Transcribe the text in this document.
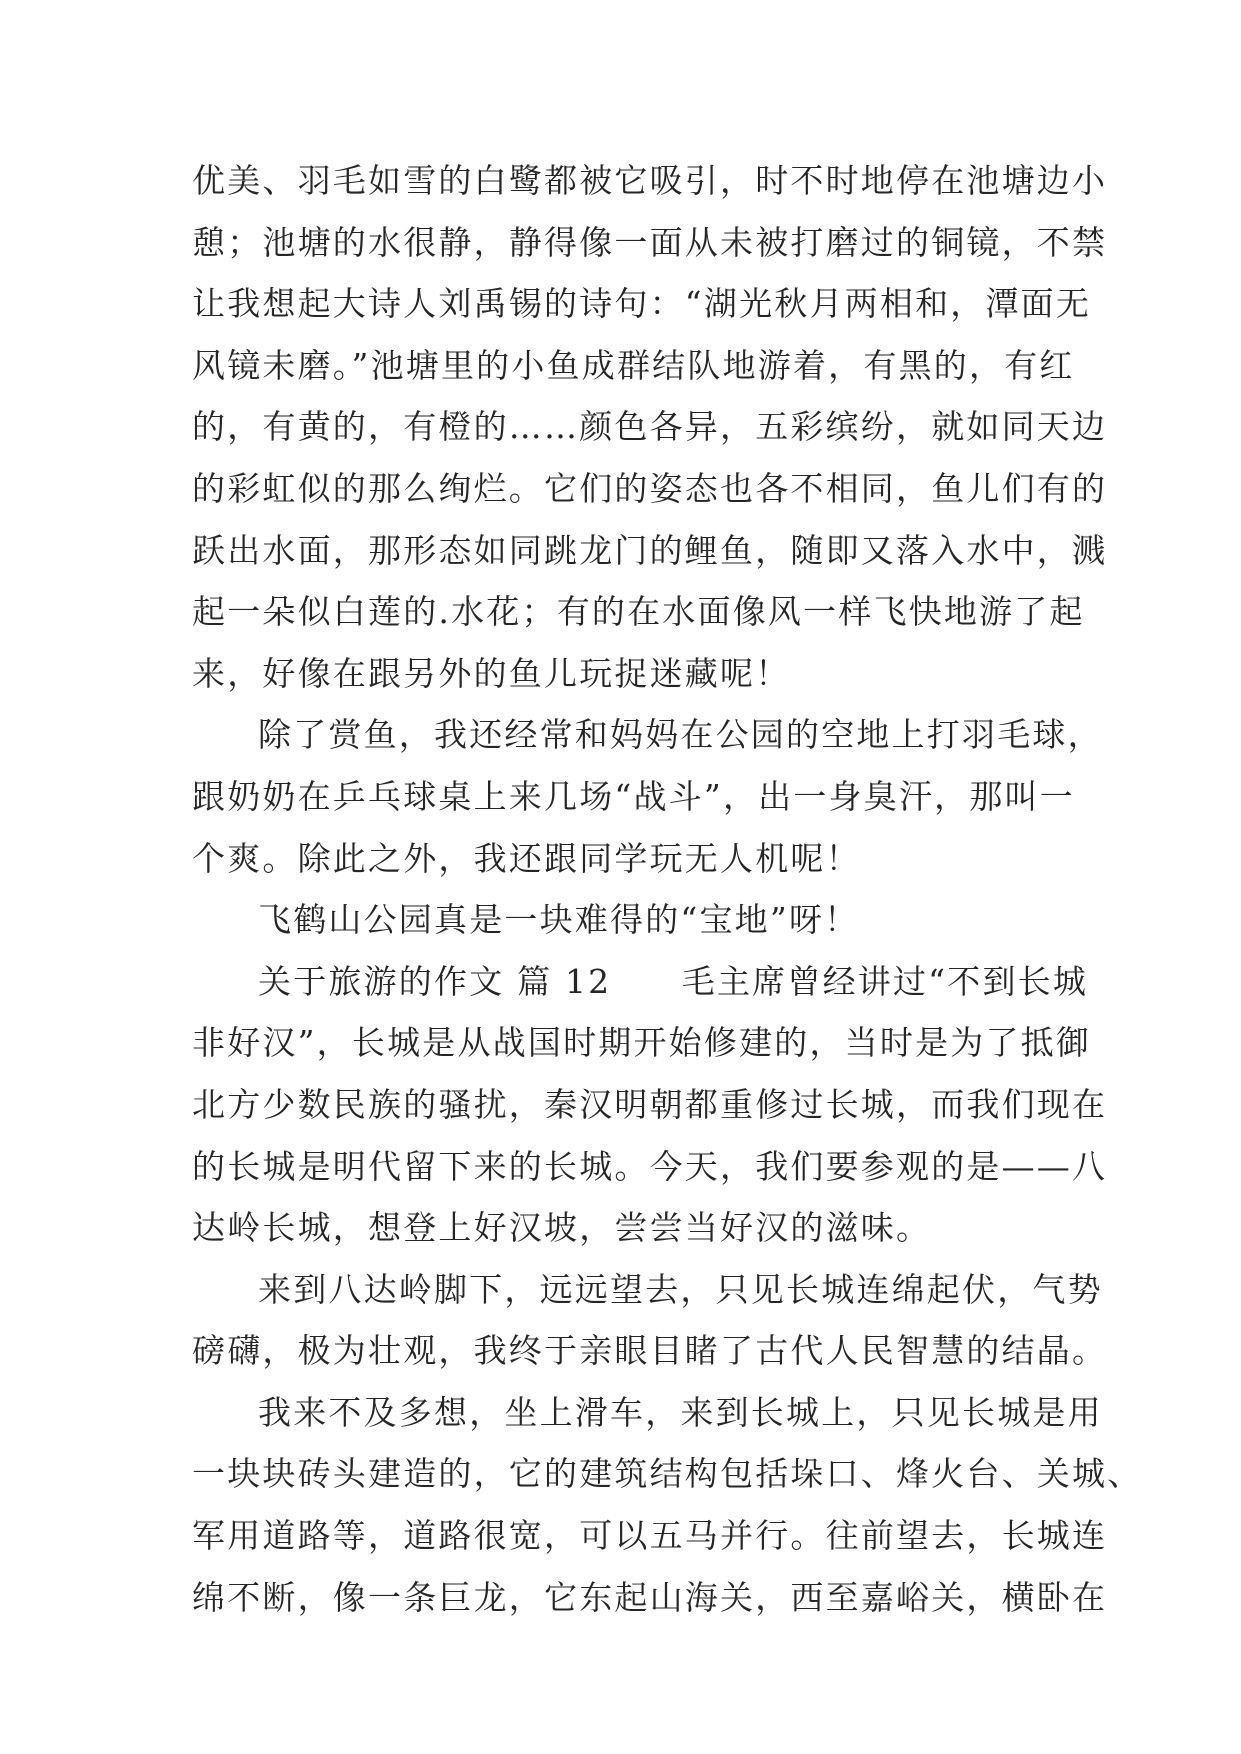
优美、羽毛如雪的白鹭都被它吸引，时不时地停在池塘边小
憩；池塘的水很静，静得像一面从未被打磨过的铜镜，不禁
让我想起大诗人刘禹锡的诗句：“湖光秋月两相和，潭面无
风镜未磨。”池塘里的小鱼成群结队地游着，有黑的，有红
的，有黄的，有橙的……颜色各异，五彩缤纷，就如同天边
的彩虹似的那么绚烂。它们的姿态也各不相同，鱼儿们有的
跃出水面，那形态如同跳龙门的鲤鱼，随即又落入水中，溅
起一朵似白莲的.水花；有的在水面像风一样飞快地游了起
来，好像在跟另外的鱼儿玩捉迷藏呢！
除了赏鱼，我还经常和妈妈在公园的空地上打羽毛球，
跟奶奶在乒乓球桌上来几场“战斗”，出一身臭汗，那叫一
个爽。除此之外，我还跟同学玩无人机呢！
飞鹤山公园真是一块难得的“宝地”呀！
关于旅游的作文 篇 12　　毛主席曾经讲过“不到长城
非好汉”，长城是从战国时期开始修建的，当时是为了抵御
北方少数民族的骚扰，秦汉明朝都重修过长城，而我们现在
的长城是明代留下来的长城。今天，我们要参观的是——八
达岭长城，想登上好汉坡，尝尝当好汉的滋味。
来到八达岭脚下，远远望去，只见长城连绵起伏，气势
磅礴，极为壮观，我终于亲眼目睹了古代人民智慧的结晶。
我来不及多想，坐上滑车，来到长城上，只见长城是用
一块块砖头建造的，它的建筑结构包括垛口、烽火台、关城、
军用道路等，道路很宽，可以五马并行。往前望去，长城连
绵不断，像一条巨龙，它东起山海关，西至嘉峪关，横卧在
